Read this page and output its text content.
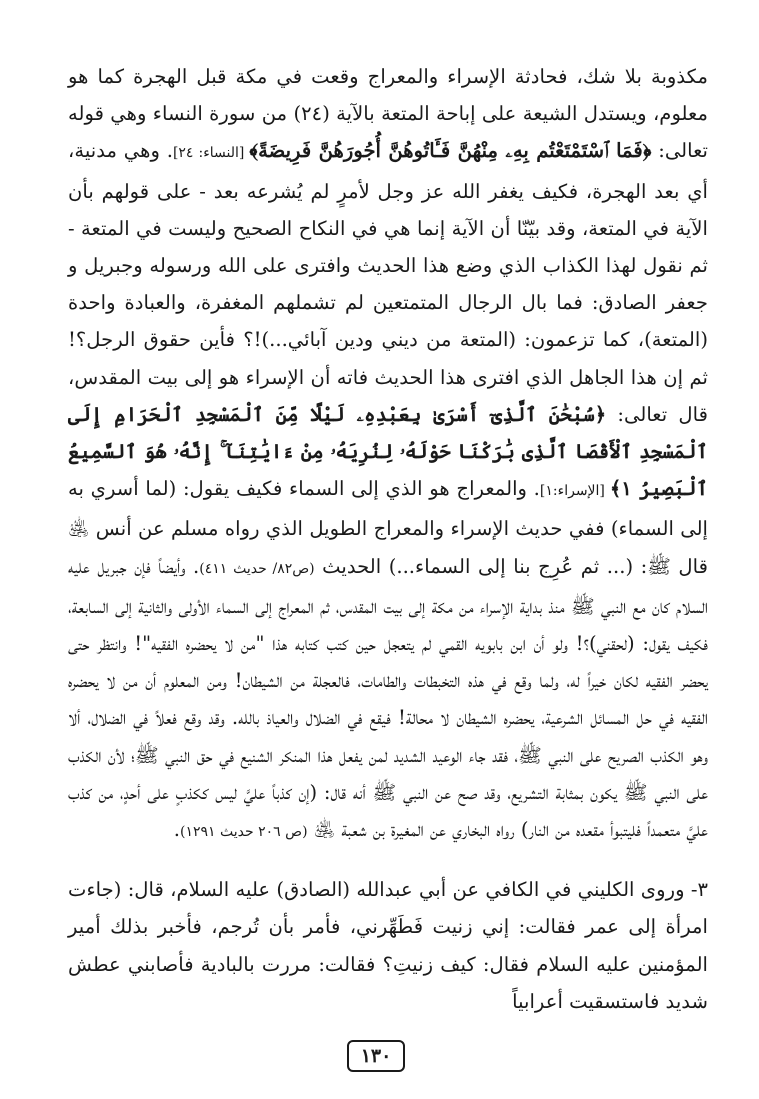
مكذوبة بلا شك، فحادثة الإسراء والمعراج وقعت في مكة قبل الهجرة كما هو معلوم، ويستدل الشيعة على إباحة المتعة بالآية (٢٤) من سورة النساء وهي قوله تعالى: ﴿فَمَا ٱسْتَمْتَعْتُم بِهِۦ مِنْهُنَّ فَـَٔاتُوهُنَّ أُجُورَهُنَّ فَرِيضَةً﴾ [النساء: ٢٤]. وهي مدنية، أي بعد الهجرة، فكيف يغفر الله عز وجل لأمرٍ لم يُشرعه بعد - على قولهم بأن الآية في المتعة، وقد بيّنّا أن الآية إنما هي في النكاح الصحيح وليست في المتعة - ثم نقول لهذا الكذاب الذي وضع هذا الحديث وافترى على الله ورسوله وجبريل و جعفر الصادق: فما بال الرجال المتمتعين لم تشملهم المغفرة، والعبادة واحدة (المتعة)، كما تزعمون: (المتعة من ديني ودين آبائي...)!؟ فأين حقوق الرجل؟! ثم إن هذا الجاهل الذي افترى هذا الحديث فاته أن الإسراء هو إلى بيت المقدس، قال تعالى: ﴿سُبْحَٰنَ ٱلَّذِىٓ أَسْرَىٰ بِعَبْدِهِۦ لَيْلًا مِّنَ ٱلْمَسْجِدِ ٱلْحَرَامِ إِلَى ٱلْمَسْجِدِ ٱلْأَقْصَا ٱلَّذِى بَٰرَكْنَا حَوْلَهُۥ لِنُرِيَهُۥ مِنْ ءَايَٰتِنَآ ۚ إِنَّهُۥ هُوَ ٱلسَّمِيعُ ٱلْبَصِيرُ ١﴾ [الإسراء:١]. والمعراج هو الذي إلى السماء فكيف يقول: (لما أسري به إلى السماء) ففي حديث الإسراء والمعراج الطويل الذي رواه مسلم عن أنس ﵁ قال ﷺ: (... ثم عُرِج بنا إلى السماء...) الحديث (ص٨٢/ حديث ٤١١). وأيضاً فإن جبريل عليه السلام كان مع النبي ﷺ منذ بداية الإسراء من مكة إلى بيت المقدس، ثم المعراج إلى السماء الأولى والثانية إلى السابعة، فكيف يقول: (لحقني)؟! ولو أن ابن بابويه القمي لم يتعجل حين كتب كتابه هذا "من لا يحضره الفقيه"! وانتظر حتى يحضر الفقيه لكان خيراً له، ولما وقع في هذه التخبطات والطامات، فالعجلة من الشيطان! ومن المعلوم أن من لا يحضره الفقيه في حل المسائل الشرعية، يحضره الشيطان لا محالة! فيقع في الضلال والعياذ بالله. وقد وقع فعلاً في الضلال، ألا وهو الكذب الصريح على النبي ﷺ، فقد جاء الوعيد الشديد لمن يفعل هذا المنكر الشنيع في حق النبي ﷺ؛ لأن الكذب على النبي ﷺ يكون بمثابة التشريع، وقد صح عن النبي ﷺ أنه قال: (إن كذباً عليَّ ليس ككذبٍ على أحدٍ، من كذب عليَّ متعمداً فليتبوأ مقعده من النار) رواه البخاري عن المغيرة بن شعبة ﵁ (ص ٢٠٦ حديث ١٢٩١).

٣- وروى الكليني في الكافي عن أبي عبدالله (الصادق) عليه السلام، قال: (جاءت امرأة إلى عمر فقالت: إني زنيت فَطَهِّرني، فأمر بأن تُرجم، فأخبر بذلك أمير المؤمنين عليه السلام فقال: كيف زنيتِ؟ فقالت: مررت بالبادية فأصابني عطش شديد فاستسقيت أعرابياً

١٣٠
